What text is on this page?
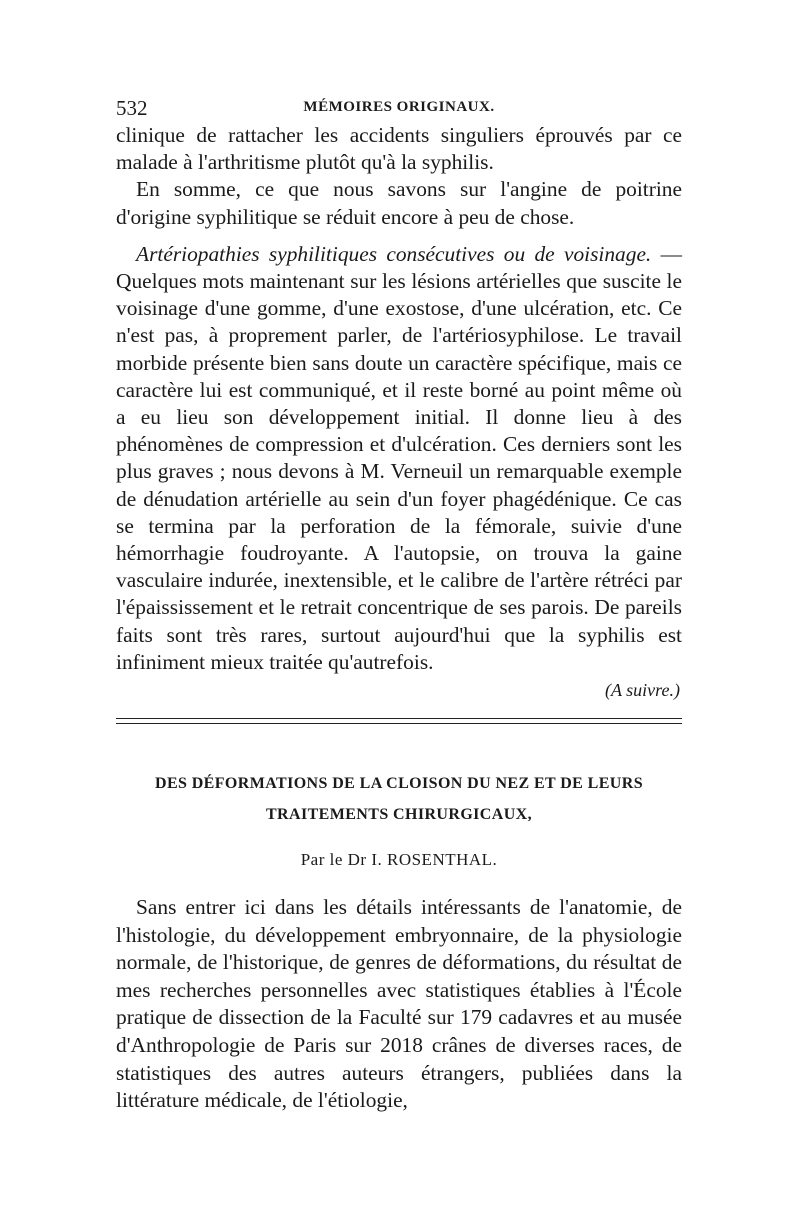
532	MÉMOIRES ORIGINAUX.

clinique de rattacher les accidents singuliers éprouvés par ce malade à l'arthritisme plutôt qu'à la syphilis.

En somme, ce que nous savons sur l'angine de poitrine d'origine syphilitique se réduit encore à peu de chose.

Artériopathies syphilitiques consécutives ou de voisinage. — Quelques mots maintenant sur les lésions artérielles que suscite le voisinage d'une gomme, d'une exostose, d'une ulcération, etc. Ce n'est pas, à proprement parler, de l'artériosyphilose. Le travail morbide présente bien sans doute un caractère spécifique, mais ce caractère lui est communiqué, et il reste borné au point même où a eu lieu son développement initial. Il donne lieu à des phénomènes de compression et d'ulcération. Ces derniers sont les plus graves ; nous devons à M. Verneuil un remarquable exemple de dénudation artérielle au sein d'un foyer phagédénique. Ce cas se termina par la perforation de la fémorale, suivie d'une hémorrhagie foudroyante. A l'autopsie, on trouva la gaine vasculaire indurée, inextensible, et le calibre de l'artère rétréci par l'épaississement et le retrait concentrique de ses parois. De pareils faits sont très rares, surtout aujourd'hui que la syphilis est infiniment mieux traitée qu'autrefois.

(A suivre.)
DES DÉFORMATIONS DE LA CLOISON DU NEZ ET DE LEURS
TRAITEMENTS CHIRURGICAUX,
Par le Dr I. ROSENTHAL.

Sans entrer ici dans les détails intéressants de l'anatomie, de l'histologie, du développement embryonnaire, de la physiologie normale, de l'historique, de genres de déformations, du résultat de mes recherches personnelles avec statistiques établies à l'École pratique de dissection de la Faculté sur 179 cadavres et au musée d'Anthropologie de Paris sur 2018 crânes de diverses races, de statistiques des autres auteurs étrangers, publiées dans la littérature médicale, de l'étiologie,
